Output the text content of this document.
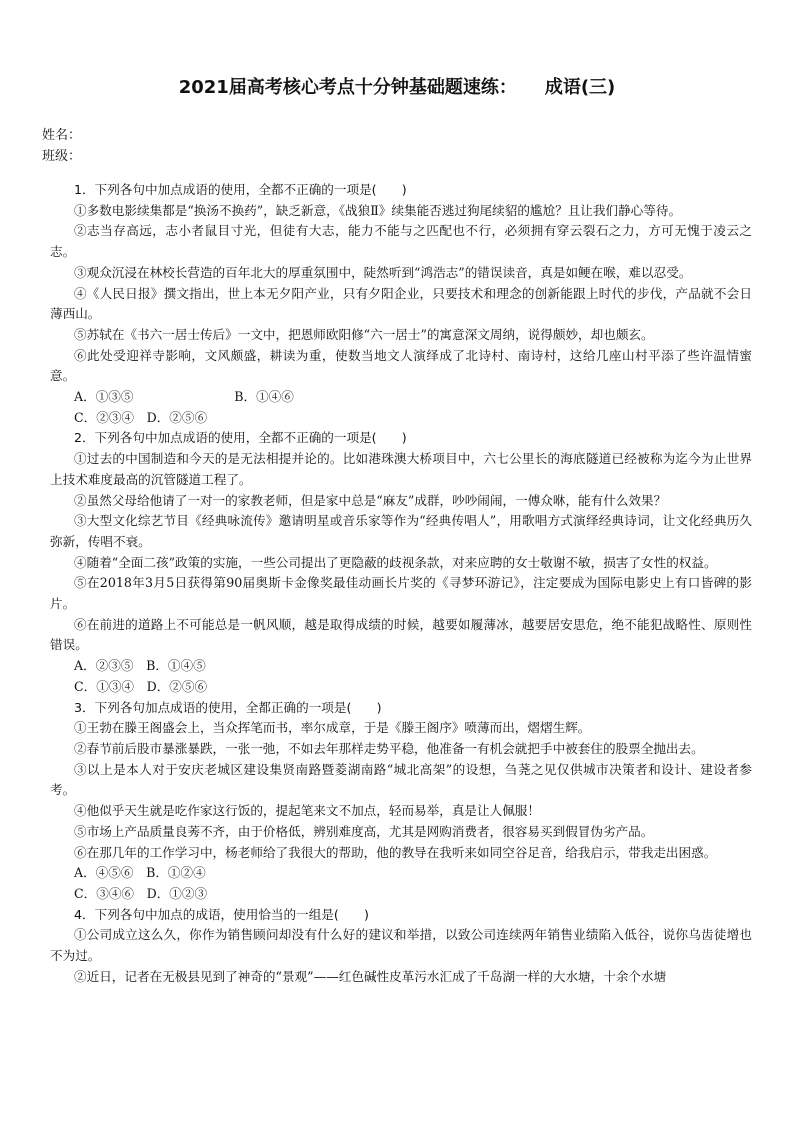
2021届高考核心考点十分钟基础题速练： 成语(三)
姓名：
班级：

1．下列各句中加点成语的使用，全都不正确的一项是(　　)

①多数电影续集都是“换汤不换药”，缺乏新意，《战狼Ⅱ》续集能否逃过狗尾续貂的尴尬？且让我们静心等待。

②志当存高远，志小者鼠目寸光，但徒有大志，能力不能与之匹配也不行，必须拥有穿云裂石之力，方可无愧于凌云之志。

③观众沉浸在林校长营造的百年北大的厚重氛围中，陡然听到“鸿浩志”的错误读音，真是如鲠在喉，难以忍受。

④《人民日报》撰文指出，世上本无夕阳产业，只有夕阳企业，只要技术和理念的创新能跟上时代的步伐，产品就不会日薄西山。

⑤苏轼在《书六一居士传后》一文中，把恩师欧阳修“六一居士”的寓意深文周纳，说得颇妙，却也颇玄。

⑥此处受迎祥寺影响，文风颇盛，耕读为重，使数当地文人演绎成了北诗村、南诗村，这给几座山村平添了些许温情蜜意。

A．①③⑤　　　　　　　　B．①④⑥

C．②③④　D．②⑤⑥

2．下列各句中加点成语的使用，全都不正确的一项是(　　)

①过去的中国制造和今天的是无法相提并论的。比如港珠澳大桥项目中，六七公里长的海底隧道已经被称为迄今为止世界上技术难度最高的沉管隧道工程了。

②虽然父母给他请了一对一的家教老师，但是家中总是“麻友”成群，吵吵闹闹，一傅众咻，能有什么效果？

③大型文化综艺节目《经典咏流传》邀请明星或音乐家等作为“经典传唱人”，用歌唱方式演绎经典诗词，让文化经典历久弥新，传唱不衰。

④随着“全面二孩”政策的实施，一些公司提出了更隐蔽的歧视条款，对来应聘的女士敬谢不敏，损害了女性的权益。

⑤在2018年3月5日获得第90届奥斯卡金像奖最佳动画长片奖的《寻梦环游记》，注定要成为国际电影史上有口皆碑的影片。

⑥在前进的道路上不可能总是一帆风顺，越是取得成绩的时候，越要如履薄冰，越要居安思危，绝不能犯战略性、原则性错误。

A．②③⑤　B．①④⑤

C．①③④　D．②⑤⑥

3．下列各句加点成语的使用，全都正确的一项是(　　)

①王勃在滕王阁盛会上，当众挥笔而书，率尔成章，于是《滕王阁序》喷薄而出，熠熠生辉。

②春节前后股市暴涨暴跌，一张一弛，不如去年那样走势平稳，他准备一有机会就把手中被套住的股票全抛出去。

③以上是本人对于安庆老城区建设集贤南路暨菱湖南路“城北高架”的设想，刍荛之见仅供城市决策者和设计、建设者参考。

④他似乎天生就是吃作家这行饭的，提起笔来文不加点，轻而易举，真是让人佩服！

⑤市场上产品质量良莠不齐，由于价格低，辨别难度高，尤其是网购消费者，很容易买到假冒伪劣产品。

⑥在那几年的工作学习中，杨老师给了我很大的帮助，他的教导在我听来如同空谷足音，给我启示，带我走出困惑。

A．④⑤⑥　B．①②④

C．③④⑥　D．①②③

4．下列各句中加点的成语，使用恰当的一组是(　　)

①公司成立这么久，你作为销售顾问却没有什么好的建议和举措，以致公司连续两年销售业绩陷入低谷，说你乌齿徒增也不为过。

②近日，记者在无极县见到了神奇的“景观”——红色碱性皮革污水汇成了千岛湖一样的大水塘，十余个水塘
